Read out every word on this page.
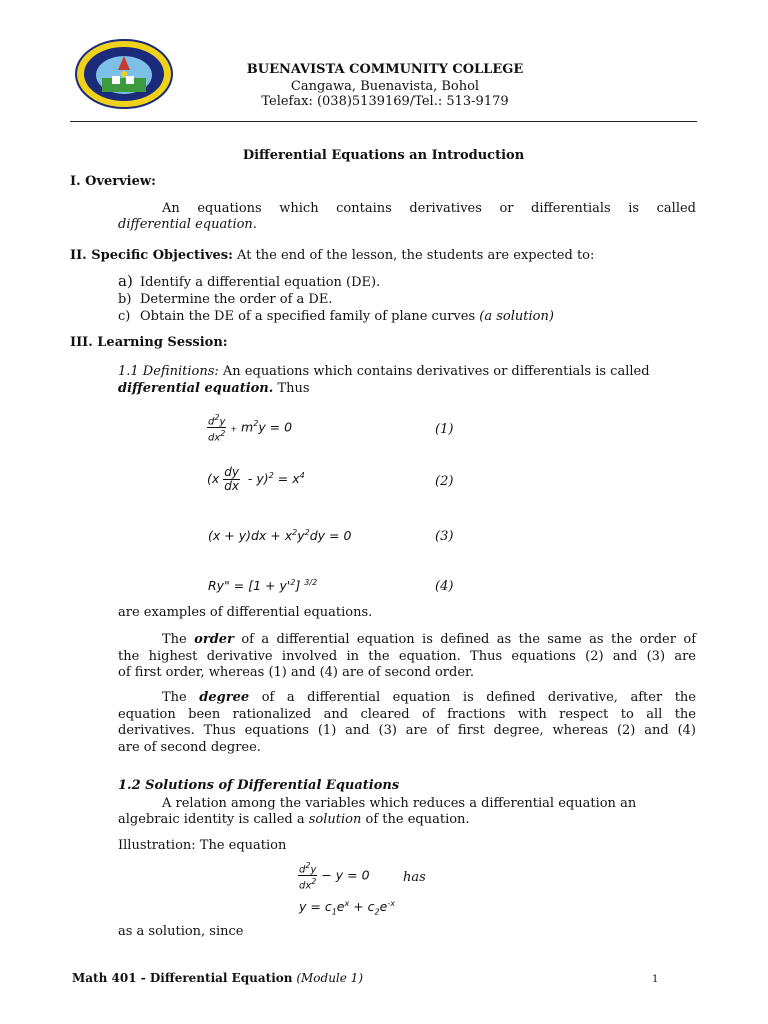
BUENAVISTA COMMUNITY COLLEGE
Cangawa, Buenavista, Bohol
Telefax: (038)5139169/Tel.: 513-9179
Differential Equations an Introduction
I. Overview:
An equations which contains derivatives or differentials is called
differential equation.
II. Specific Objectives: At the end of the lesson, the students are expected to:
a) Identify a differential equation (DE).
b) Determine the order of a DE.
c) Obtain the DE of a specified family of plane curves (a solution)
III. Learning Session:
1.1 Definitions: An equations which contains derivatives or differentials is called
differential equation. Thus
$\frac{d^2y}{dx^2} + m^2y = 0$	(1)
$(x \frac{dy}{dx} - y)^2 = x^4$	(2)
$(x + y)dx + x^2y^2dy = 0$	(3)
Ry" = $[1 + y'^2]$ $^{3/2}$	(4)
are examples of differential equations.
The order of a differential equation is defined as the same as the order of
the highest derivative involved in the equation. Thus equations (2) and (3) are
of first order, whereas (1) and (4) are of second order.
The degree of a differential equation is defined derivative, after the
equation been rationalized and cleared of fractions with respect to all the
derivatives. Thus equations (1) and (3) are of first degree, whereas (2) and (4)
are of second degree.
1.2 Solutions of Differential Equations
A relation among the variables which reduces a differential equation an
algebraic identity is called a solution of the equation.
Illustration: The equation
$\frac{d^2y}{dx^2} - y = 0$	has
$y = c_1e^x + c_2e^{-x}$
as a solution, since
Math 401 - Differential Equation (Module 1)	1
